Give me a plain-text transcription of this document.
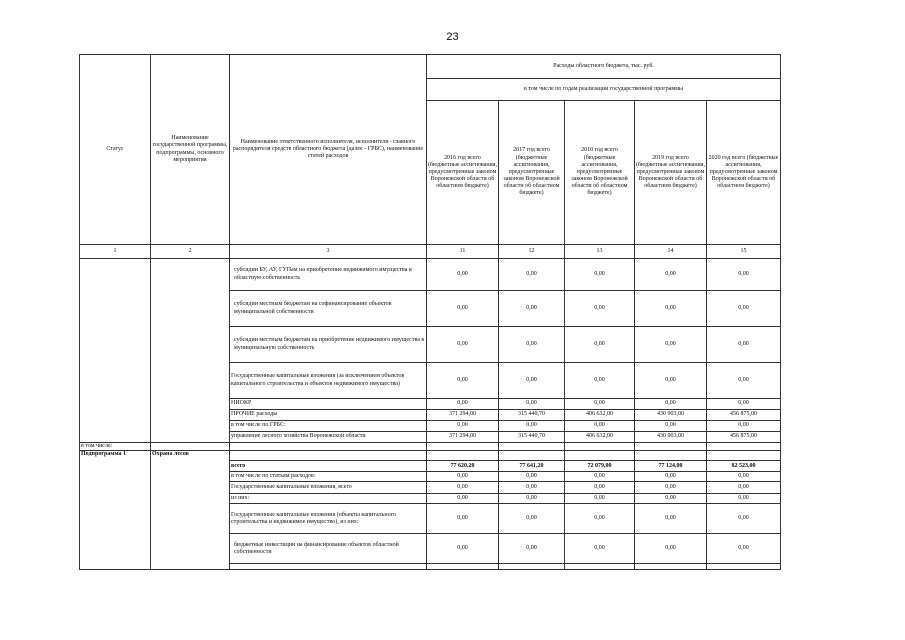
23
Статус	Наименование государственной программы, подпрограммы, основного мероприятия	Наименование ответственного исполнителя, исполнителя - главного распорядителя средств областного бюджета (далее - ГРБС), наименование статей расходов	Расходы областного бюджета, тыс. руб.				
			в том числе по годам реализации государственной программы				
			2016 год всего (бюджетные ассигнования, предусмотренные законом Воронежской области об областном бюджете)	2017 год всего (бюджетные ассигнования, предусмотренные законом Воронежской области об областном бюджете)	2018 год всего (бюджетные ассигнования, предусмотренные законом Воронежской области об областном бюджете)	2019 год всего (бюджетные ассигнования, предусмотренные законом Воронежской области об областном бюджете)	2020 год всего (бюджетные ассигнования, предусмотренные законом Воронежской области об областном бюджете)
1	2	3	11	12	13	14	15
		субсидии БУ, АУ, ГУПам на приобретение недвижимого имущества в областную собственность	0,00	0,00	0,00	0,00	0,00
		субсидии местным бюджетам на софинансирование объектов муниципальной собственности	0,00	0,00	0,00	0,00	0,00
		субсидии местным бюджетам на приобретение недвижимого имущества в муниципальную собственность	0,00	0,00	0,00	0,00	0,00
		Государственные капитальные вложения (за исключением объектов капитального строительства и объектов недвижимого имущества)	0,00	0,00	0,00	0,00	0,00
		НИОКР	0,00	0,00	0,00	0,00	0,00
		ПРОЧИЕ расходы	371 294,00	315 440,70	406 632,00	430 903,00	456 875,00
		в том числе по ГРБС:	0,00	0,00	0,00	0,00	0,00
		управление лесного хозяйства Воронежской области	371 294,00	315 440,70	406 632,00	430 903,00	456 875,00
в том числе:							
Подпрограмма 1	Охрана лесов						
		всего	77 620,20	77 641,20	72 079,00	77 124,00	82 523,00
		в том числе по статьям расходов:	0,00	0,00	0,00	0,00	0,00
		Государственные капитальные вложения, всего	0,00	0,00	0,00	0,00	0,00
		из них:	0,00	0,00	0,00	0,00	0,00
		Государственные капитальные вложения (объекты капитального строительства и недвижимое имущество), из них:	0,00	0,00	0,00	0,00	0,00
		бюджетные инвестиции на финансирование объектов областной собственности	0,00	0,00	0,00	0,00	0,00
